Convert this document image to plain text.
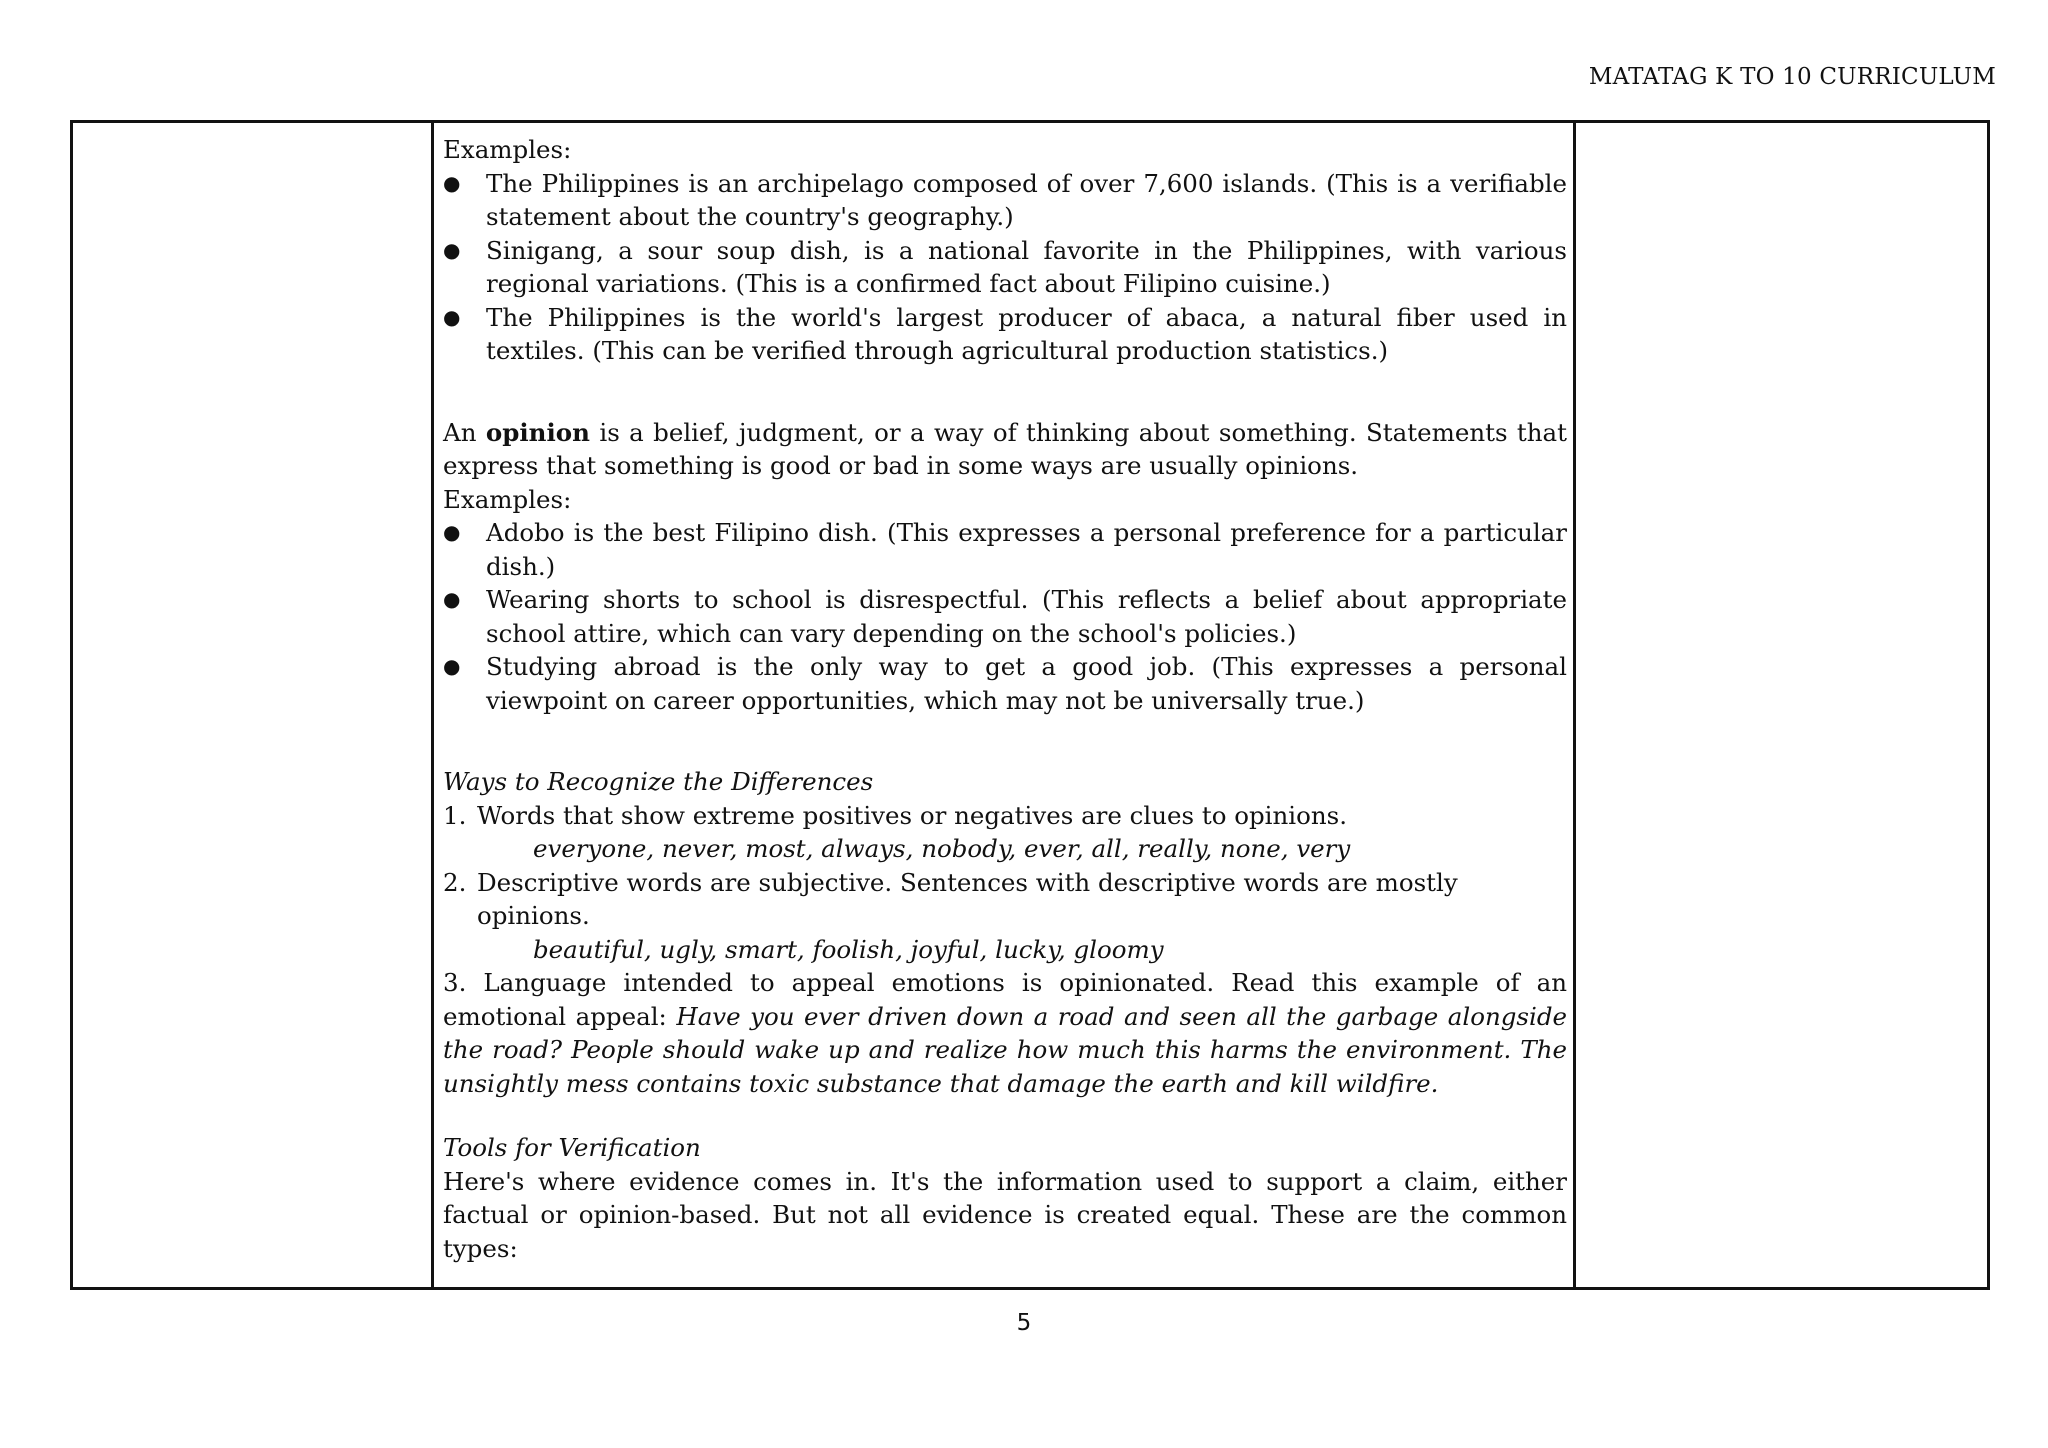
MATATAG K TO 10 CURRICULUM

Examples:

● The Philippines is an archipelago composed of over 7,600 islands. (This is a verifiable statement about the country's geography.)
● Sinigang, a sour soup dish, is a national favorite in the Philippines, with various regional variations. (This is a confirmed fact about Filipino cuisine.)
● The Philippines is the world's largest producer of abaca, a natural fiber used in textiles. (This can be verified through agricultural production statistics.)

An opinion is a belief, judgment, or a way of thinking about something. Statements that express that something is good or bad in some ways are usually opinions.

Examples:

● Adobo is the best Filipino dish. (This expresses a personal preference for a particular dish.)
● Wearing shorts to school is disrespectful. (This reflects a belief about appropriate school attire, which can vary depending on the school's policies.)
● Studying abroad is the only way to get a good job. (This expresses a personal viewpoint on career opportunities, which may not be universally true.)

Ways to Recognize the Differences

1. Words that show extreme positives or negatives are clues to opinions.

everyone, never, most, always, nobody, ever, all, really, none, very

2. Descriptive words are subjective. Sentences with descriptive words are mostly opinions.

beautiful, ugly, smart, foolish, joyful, lucky, gloomy

3. Language intended to appeal emotions is opinionated. Read this example of an emotional appeal: Have you ever driven down a road and seen all the garbage alongside the road? People should wake up and realize how much this harms the environment. The unsightly mess contains toxic substance that damage the earth and kill wildfire.

Tools for Verification

Here's where evidence comes in. It's the information used to support a claim, either factual or opinion-based. But not all evidence is created equal. These are the common types:

5
